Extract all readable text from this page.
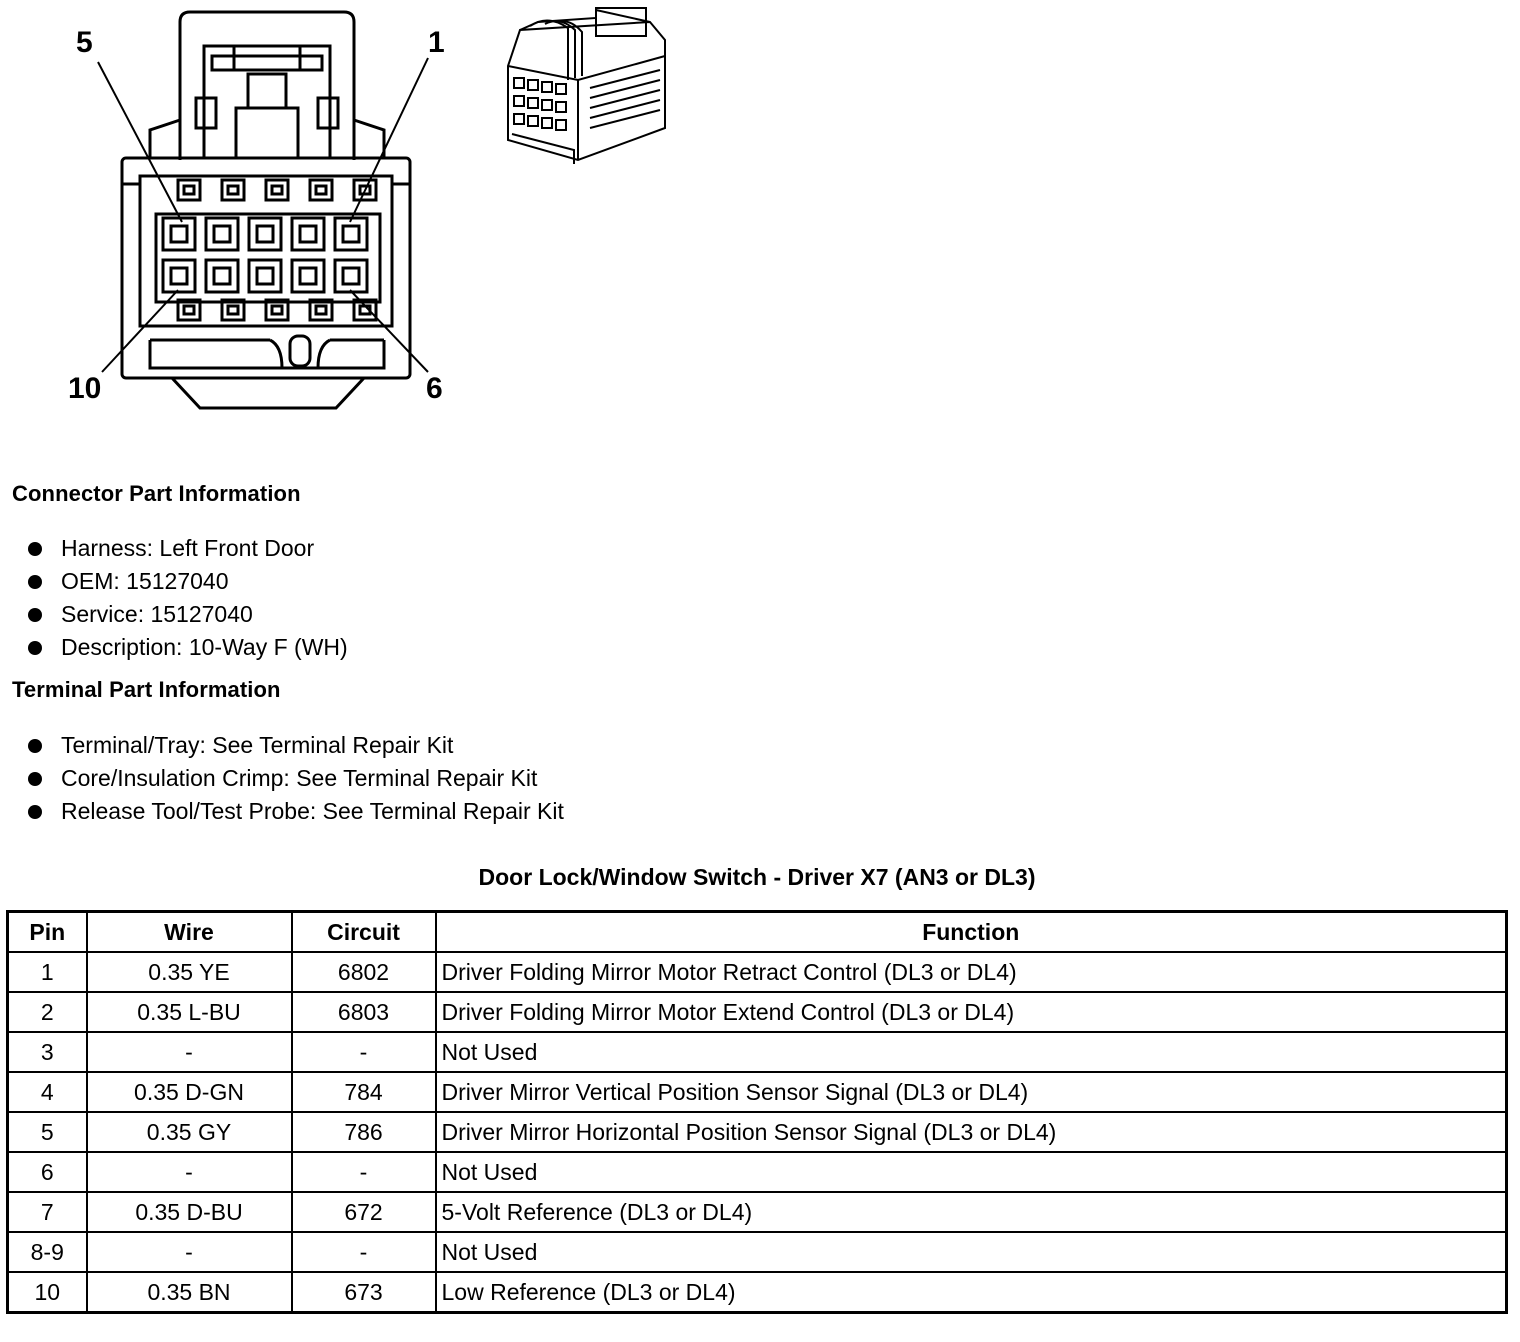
5	1
10	6
Connector Part Information
Harness: Left Front Door
OEM: 15127040
Service: 15127040
Description: 10-Way F (WH)
Terminal Part Information
Terminal/Tray: See Terminal Repair Kit
Core/Insulation Crimp: See Terminal Repair Kit
Release Tool/Test Probe: See Terminal Repair Kit
Door Lock/Window Switch - Driver X7 (AN3 or DL3)
Pin	Wire	Circuit	Function
1	0.35 YE	6802	Driver Folding Mirror Motor Retract Control (DL3 or DL4)
2	0.35 L-BU	6803	Driver Folding Mirror Motor Extend Control (DL3 or DL4)
3	-	-	Not Used
4	0.35 D-GN	784	Driver Mirror Vertical Position Sensor Signal (DL3 or DL4)
5	0.35 GY	786	Driver Mirror Horizontal Position Sensor Signal (DL3 or DL4)
6	-	-	Not Used
7	0.35 D-BU	672	5-Volt Reference (DL3 or DL4)
8-9	-	-	Not Used
10	0.35 BN	673	Low Reference (DL3 or DL4)
